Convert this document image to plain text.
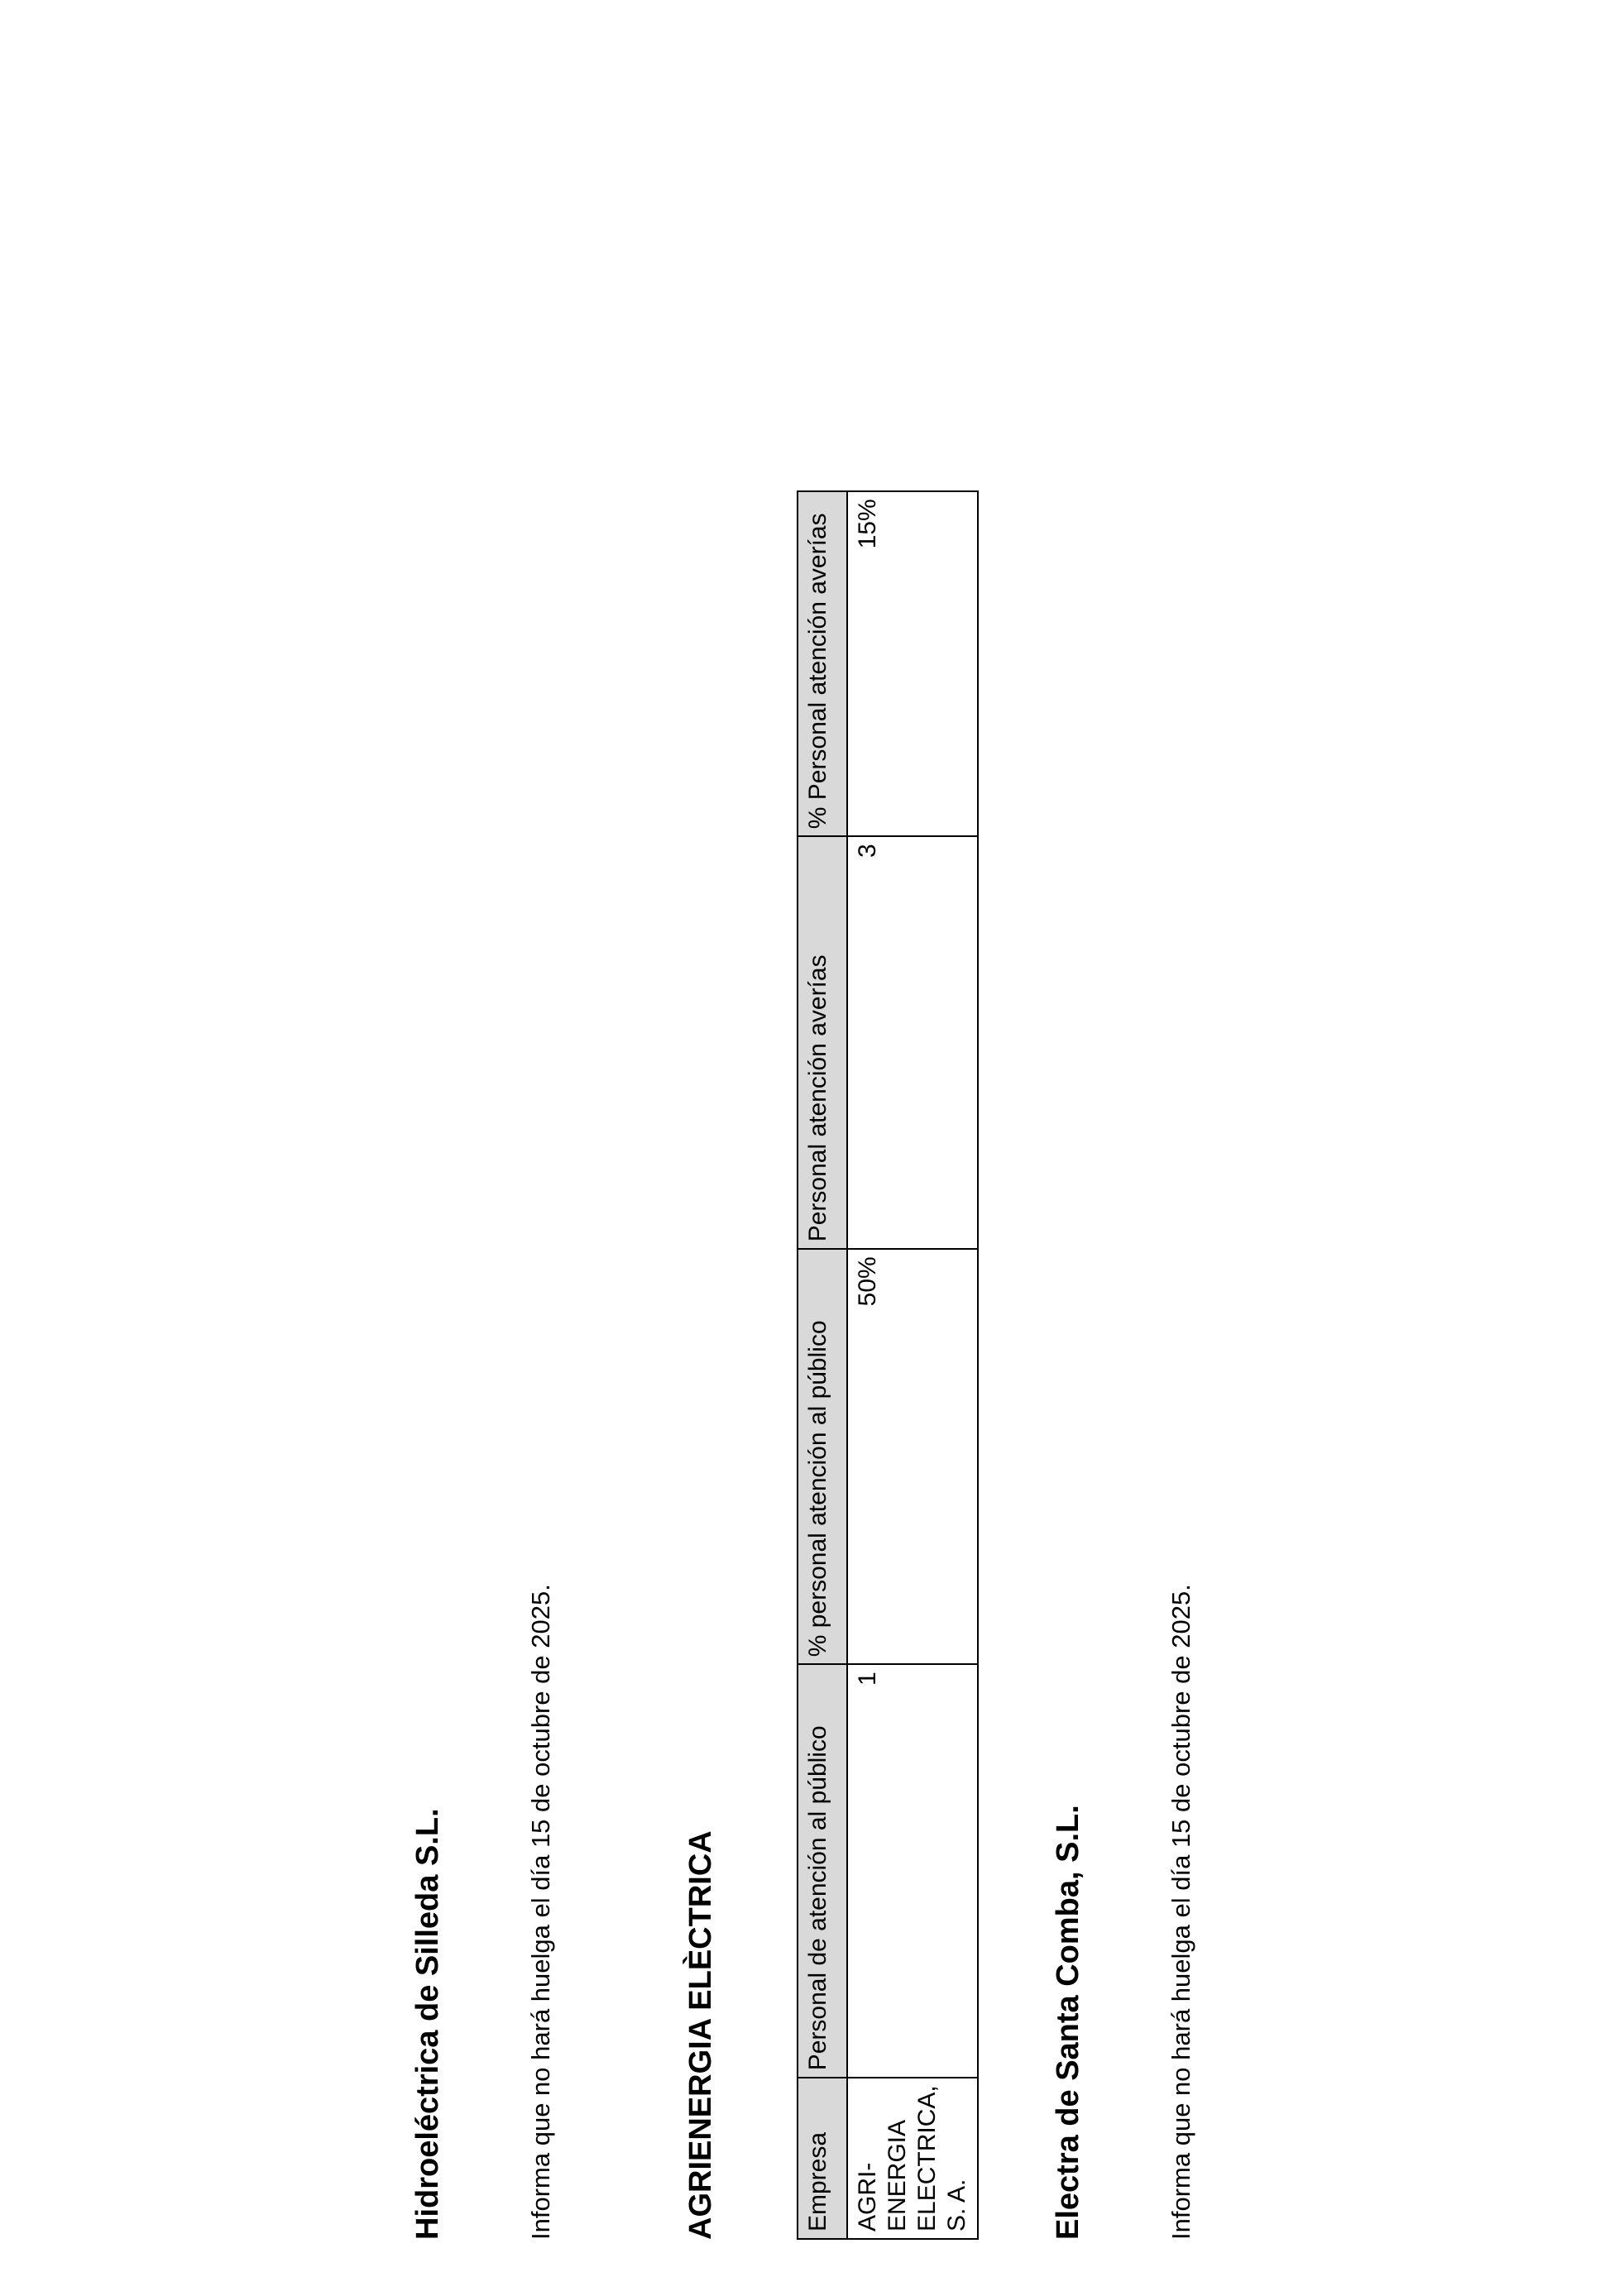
Hidroeléctrica de Silleda S.L.	Informa que no hará huelga el día 15 de octubre de 2025.	AGRIENERGIA ELÈCTRICA	Empresa	Personal de atención al público	% personal atención al público	Personal atención averías	% Personal atención averías
AGRI-ENERGIA ELECTRICA, S. A.	1	50%	3	15%
Electra de Santa Comba, S.L.	Informa que no hará huelga el día 15 de octubre de 2025.
